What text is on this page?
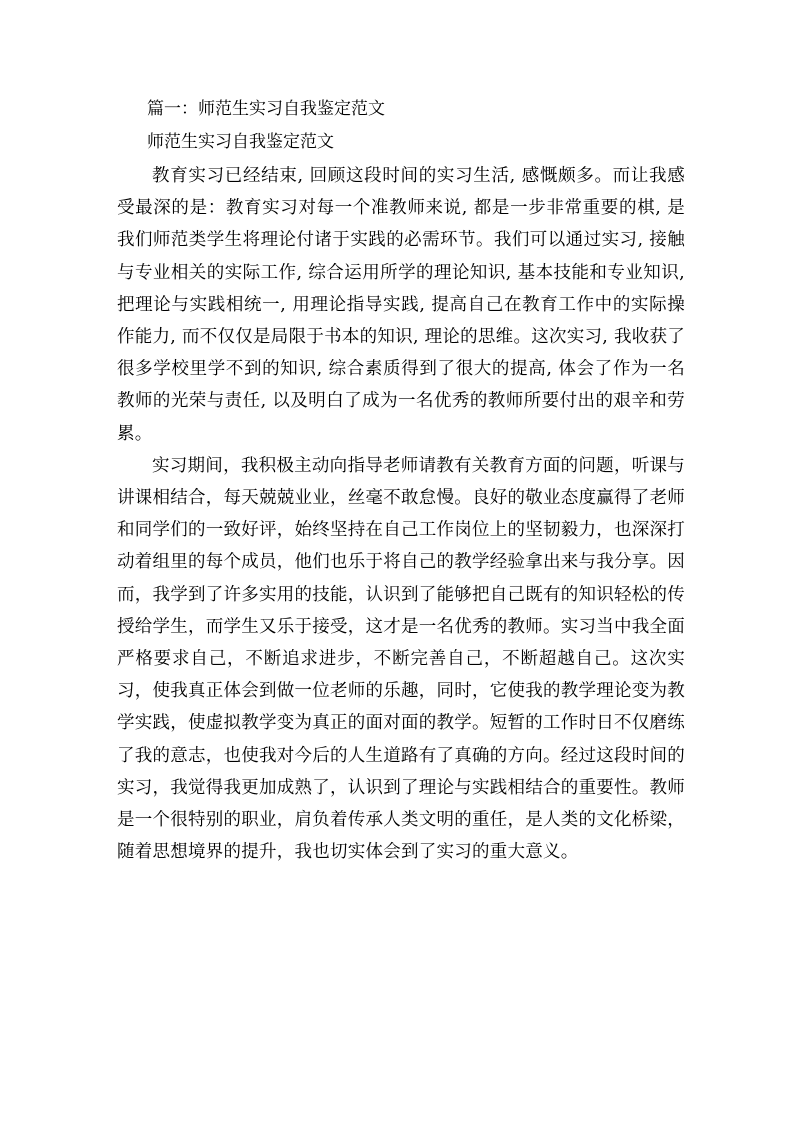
篇一：师范生实习自我鉴定范文
师范生实习自我鉴定范文

教育实习已经结束, 回顾这段时间的实习生活, 感慨颇多。而让我感受最深的是：教育实习对每一个准教师来说, 都是一步非常重要的棋, 是我们师范类学生将理论付诸于实践的必需环节。我们可以通过实习, 接触与专业相关的实际工作, 综合运用所学的理论知识, 基本技能和专业知识, 把理论与实践相统一, 用理论指导实践, 提高自己在教育工作中的实际操作能力, 而不仅仅是局限于书本的知识, 理论的思维。这次实习, 我收获了很多学校里学不到的知识, 综合素质得到了很大的提高, 体会了作为一名教师的光荣与责任, 以及明白了成为一名优秀的教师所要付出的艰辛和劳累。

实习期间，我积极主动向指导老师请教有关教育方面的问题，听课与讲课相结合，每天兢兢业业，丝毫不敢怠慢。良好的敬业态度赢得了老师和同学们的一致好评，始终坚持在自己工作岗位上的坚韧毅力，也深深打动着组里的每个成员，他们也乐于将自己的教学经验拿出来与我分享。因而，我学到了许多实用的技能，认识到了能够把自己既有的知识轻松的传授给学生，而学生又乐于接受，这才是一名优秀的教师。实习当中我全面严格要求自己，不断追求进步，不断完善自己，不断超越自己。这次实习，使我真正体会到做一位老师的乐趣，同时，它使我的教学理论变为教学实践，使虚拟教学变为真正的面对面的教学。短暂的工作时日不仅磨练了我的意志，也使我对今后的人生道路有了真确的方向。经过这段时间的实习，我觉得我更加成熟了，认识到了理论与实践相结合的重要性。教师是一个很特别的职业，肩负着传承人类文明的重任，是人类的文化桥梁，随着思想境界的提升，我也切实体会到了实习的重大意义。
